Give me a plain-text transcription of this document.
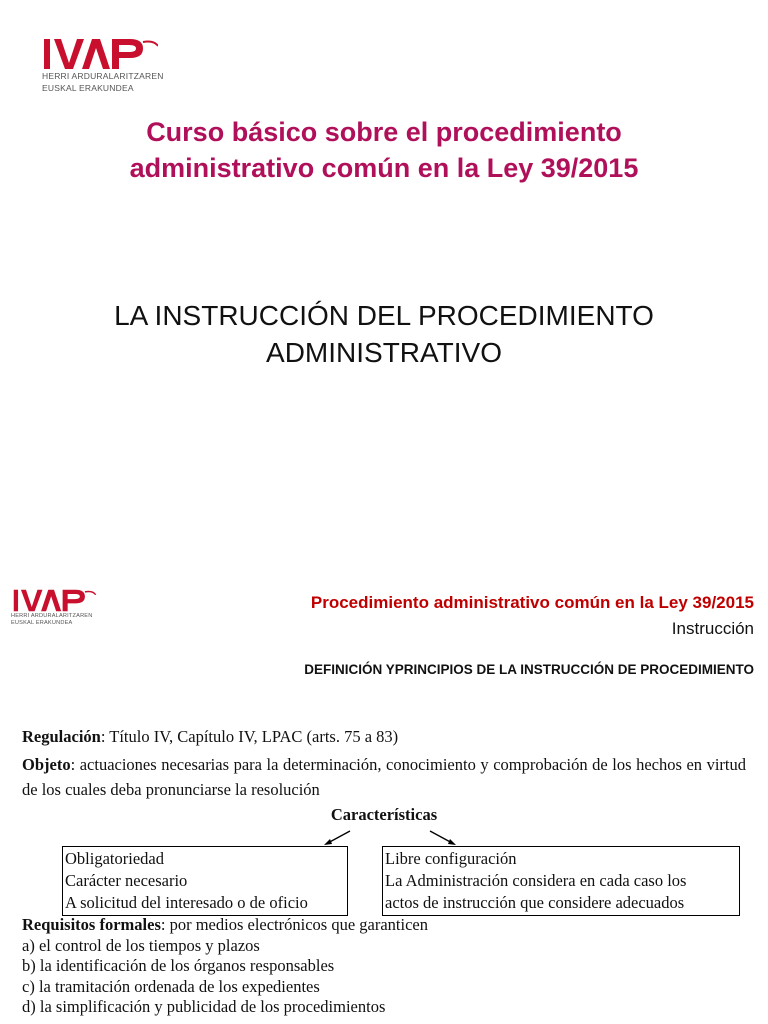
HERRI ARDURALARITZAREN
EUSKAL ERAKUNDEA
Curso básico sobre el procedimiento
administrativo común en la Ley 39/2015
LA INSTRUCCIÓN DEL PROCEDIMIENTO
ADMINISTRATIVO
HERRI ARDURALARITZAREN
EUSKAL ERAKUNDEA
Procedimiento administrativo común en la Ley 39/2015
Instrucción
DEFINICIÓN YPRINCIPIOS DE LA INSTRUCCIÓN DE PROCEDIMIENTO
Regulación: Título IV, Capítulo IV, LPAC (arts. 75 a 83)
Objeto: actuaciones necesarias para la determinación, conocimiento y comprobación de los hechos en virtud de los cuales deba pronunciarse la resolución
Características
Obligatoriedad
Carácter necesario
A solicitud del interesado o de oficio
Libre configuración
La Administración considera en cada caso los
actos de instrucción que considere adecuados
Requisitos formales: por medios electrónicos que garanticen
a) el control de los tiempos y plazos
b) la identificación de los órganos responsables
c) la tramitación ordenada de los expedientes
d) la simplificación y publicidad de los procedimientos
